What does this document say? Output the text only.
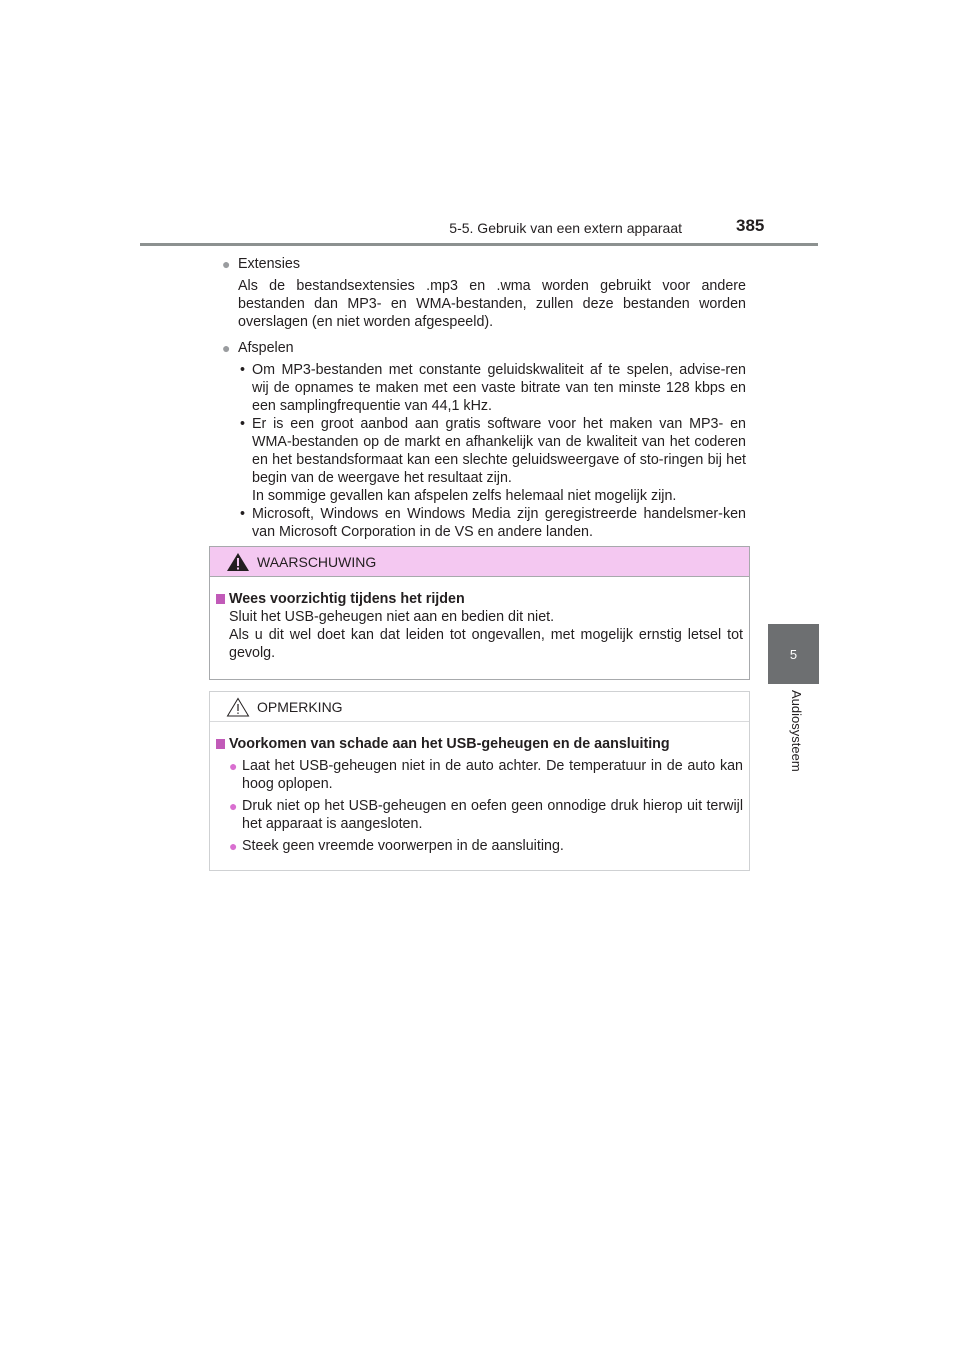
5-5. Gebruik van een extern apparaat	385
5
Audiosysteem
● Extensies
Als de bestandsextensies .mp3 en .wma worden gebruikt voor andere bestanden dan MP3- en WMA-bestanden, zullen deze bestanden worden overslagen (en niet worden afgespeeld).
● Afspelen
• Om MP3-bestanden met constante geluidskwaliteit af te spelen, advise-ren wij de opnames te maken met een vaste bitrate van ten minste 128 kbps en een samplingfrequentie van 44,1 kHz.
• Er is een groot aanbod aan gratis software voor het maken van MP3- en WMA-bestanden op de markt en afhankelijk van de kwaliteit van het coderen en het bestandsformaat kan een slechte geluidsweergave of sto-ringen bij het begin van de weergave het resultaat zijn.
In sommige gevallen kan afspelen zelfs helemaal niet mogelijk zijn.
• Microsoft, Windows en Windows Media zijn geregistreerde handelsmer-ken van Microsoft Corporation in de VS en andere landen.
WAARSCHUWING
Wees voorzichtig tijdens het rijden
Sluit het USB-geheugen niet aan en bedien dit niet.
Als u dit wel doet kan dat leiden tot ongevallen, met mogelijk ernstig letsel tot gevolg.
OPMERKING
Voorkomen van schade aan het USB-geheugen en de aansluiting
● Laat het USB-geheugen niet in de auto achter. De temperatuur in de auto kan hoog oplopen.
● Druk niet op het USB-geheugen en oefen geen onnodige druk hierop uit terwijl het apparaat is aangesloten.
● Steek geen vreemde voorwerpen in de aansluiting.
